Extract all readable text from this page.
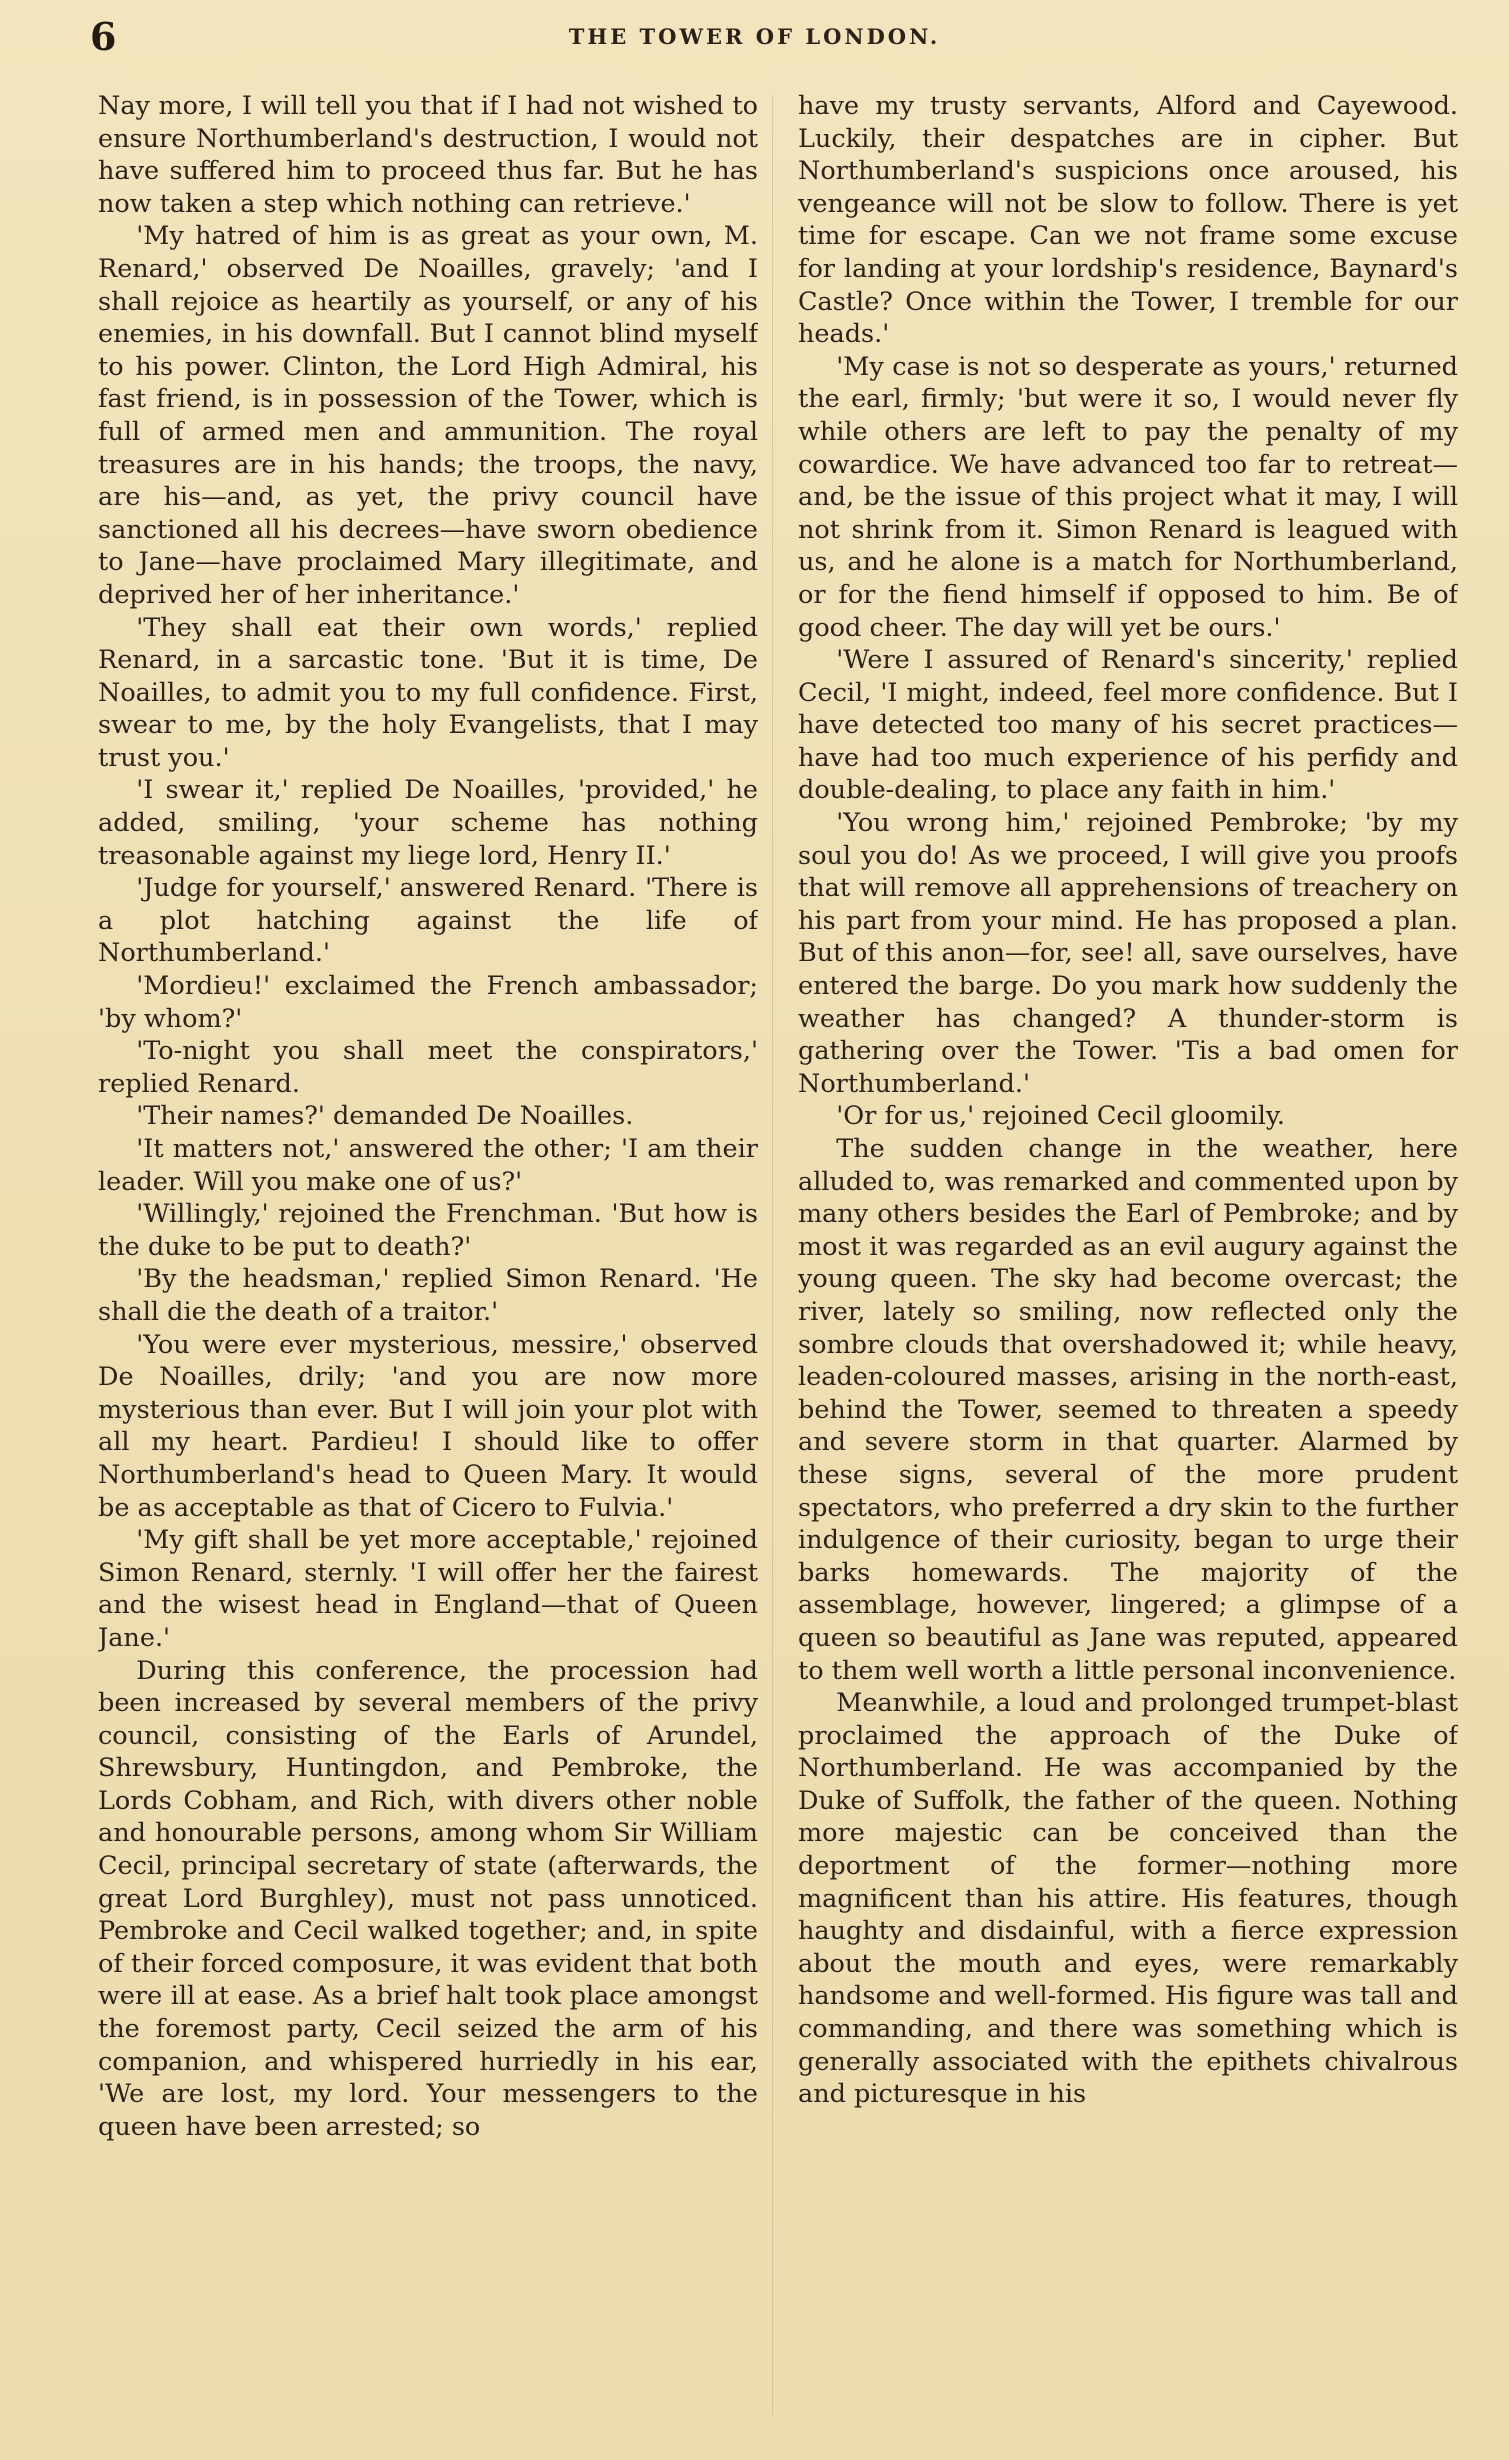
6	THE TOWER OF LONDON.

Nay more, I will tell you that if I had not wished to ensure Northumberland's destruction, I would not have suffered him to proceed thus far. But he has now taken a step which nothing can retrieve.'

'My hatred of him is as great as your own, M. Renard,' observed De Noailles, gravely; 'and I shall rejoice as heartily as yourself, or any of his enemies, in his downfall. But I cannot blind myself to his power. Clinton, the Lord High Admiral, his fast friend, is in possession of the Tower, which is full of armed men and ammunition. The royal treasures are in his hands; the troops, the navy, are his—and, as yet, the privy council have sanctioned all his decrees—have sworn obedience to Jane—have proclaimed Mary illegitimate, and deprived her of her inheritance.'

'They shall eat their own words,' replied Renard, in a sarcastic tone. 'But it is time, De Noailles, to admit you to my full confidence. First, swear to me, by the holy Evangelists, that I may trust you.'

'I swear it,' replied De Noailles, 'provided,' he added, smiling, 'your scheme has nothing treasonable against my liege lord, Henry II.'

'Judge for yourself,' answered Renard. 'There is a plot hatching against the life of Northumberland.'

'Mordieu!' exclaimed the French ambassador; 'by whom?'

'To-night you shall meet the conspirators,' replied Renard.

'Their names?' demanded De Noailles.

'It matters not,' answered the other; 'I am their leader. Will you make one of us?'

'Willingly,' rejoined the Frenchman. 'But how is the duke to be put to death?'

'By the headsman,' replied Simon Renard. 'He shall die the death of a traitor.'

'You were ever mysterious, messire,' observed De Noailles, drily; 'and you are now more mysterious than ever. But I will join your plot with all my heart. Pardieu! I should like to offer Northumberland's head to Queen Mary. It would be as acceptable as that of Cicero to Fulvia.'

'My gift shall be yet more acceptable,' rejoined Simon Renard, sternly. 'I will offer her the fairest and the wisest head in England—that of Queen Jane.'

During this conference, the procession had been increased by several members of the privy council, consisting of the Earls of Arundel, Shrewsbury, Huntingdon, and Pembroke, the Lords Cobham, and Rich, with divers other noble and honourable persons, among whom Sir William Cecil, principal secretary of state (afterwards, the great Lord Burghley), must not pass unnoticed. Pembroke and Cecil walked together; and, in spite of their forced composure, it was evident that both were ill at ease. As a brief halt took place amongst the foremost party, Cecil seized the arm of his companion, and whispered hurriedly in his ear, 'We are lost, my lord. Your messengers to the queen have been arrested; so

have my trusty servants, Alford and Cayewood. Luckily, their despatches are in cipher. But Northumberland's suspicions once aroused, his vengeance will not be slow to follow. There is yet time for escape. Can we not frame some excuse for landing at your lordship's residence, Baynard's Castle? Once within the Tower, I tremble for our heads.'

'My case is not so desperate as yours,' returned the earl, firmly; 'but were it so, I would never fly while others are left to pay the penalty of my cowardice. We have advanced too far to retreat—and, be the issue of this project what it may, I will not shrink from it. Simon Renard is leagued with us, and he alone is a match for Northumberland, or for the fiend himself if opposed to him. Be of good cheer. The day will yet be ours.'

'Were I assured of Renard's sincerity,' replied Cecil, 'I might, indeed, feel more confidence. But I have detected too many of his secret practices—have had too much experience of his perfidy and double-dealing, to place any faith in him.'

'You wrong him,' rejoined Pembroke; 'by my soul you do! As we proceed, I will give you proofs that will remove all apprehensions of treachery on his part from your mind. He has proposed a plan. But of this anon—for, see! all, save ourselves, have entered the barge. Do you mark how suddenly the weather has changed? A thunder-storm is gathering over the Tower. 'Tis a bad omen for Northumberland.'

'Or for us,' rejoined Cecil gloomily.

The sudden change in the weather, here alluded to, was remarked and commented upon by many others besides the Earl of Pembroke; and by most it was regarded as an evil augury against the young queen. The sky had become overcast; the river, lately so smiling, now reflected only the sombre clouds that overshadowed it; while heavy, leaden-coloured masses, arising in the north-east, behind the Tower, seemed to threaten a speedy and severe storm in that quarter. Alarmed by these signs, several of the more prudent spectators, who preferred a dry skin to the further indulgence of their curiosity, began to urge their barks homewards. The majority of the assemblage, however, lingered; a glimpse of a queen so beautiful as Jane was reputed, appeared to them well worth a little personal inconvenience.

Meanwhile, a loud and prolonged trumpet-blast proclaimed the approach of the Duke of Northumberland. He was accompanied by the Duke of Suffolk, the father of the queen. Nothing more majestic can be conceived than the deportment of the former—nothing more magnificent than his attire. His features, though haughty and disdainful, with a fierce expression about the mouth and eyes, were remarkably handsome and well-formed. His figure was tall and commanding, and there was something which is generally associated with the epithets chivalrous and picturesque in his
